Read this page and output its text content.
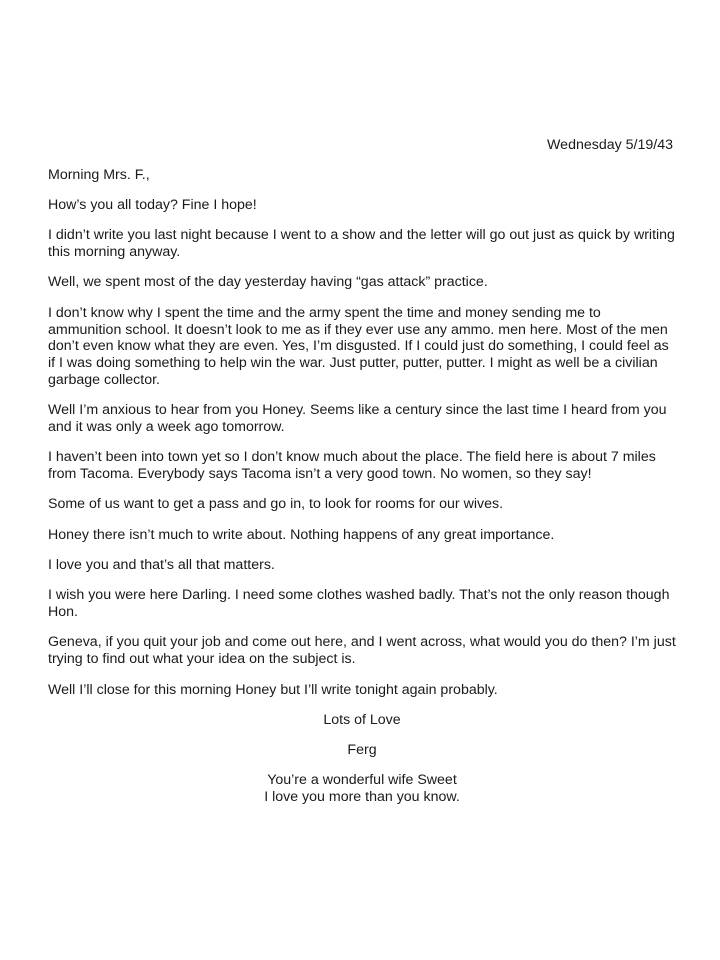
Wednesday 5/19/43
Morning Mrs. F.,
How’s you all today? Fine I hope!
I didn’t write you last night because I went to a show and the letter will go out just as quick by writing this morning anyway.
Well, we spent most of the day yesterday having “gas attack” practice.
I don’t know why I spent the time and the army spent the time and money sending me to ammunition school. It doesn’t look to me as if they ever use any ammo. men here. Most of the men don’t even know what they are even. Yes, I’m disgusted. If I could just do something, I could feel as if I was doing something to help win the war. Just putter, putter, putter. I might as well be a civilian garbage collector.
Well I’m anxious to hear from you Honey. Seems like a century since the last time I heard from you and it was only a week ago tomorrow.
I haven’t been into town yet so I don’t know much about the place. The field here is about 7 miles from Tacoma. Everybody says Tacoma isn’t a very good town. No women, so they say!
Some of us want to get a pass and go in, to look for rooms for our wives.
Honey there isn’t much to write about. Nothing happens of any great importance.
I love you and that’s all that matters.
I wish you were here Darling. I need some clothes washed badly. That’s not the only reason though Hon.
Geneva, if you quit your job and come out here, and I went across, what would you do then? I’m just trying to find out what your idea on the subject is.
Well I’ll close for this morning Honey but I’ll write tonight again probably.
Lots of Love
Ferg
You’re a wonderful wife Sweet
I love you more than you know.
